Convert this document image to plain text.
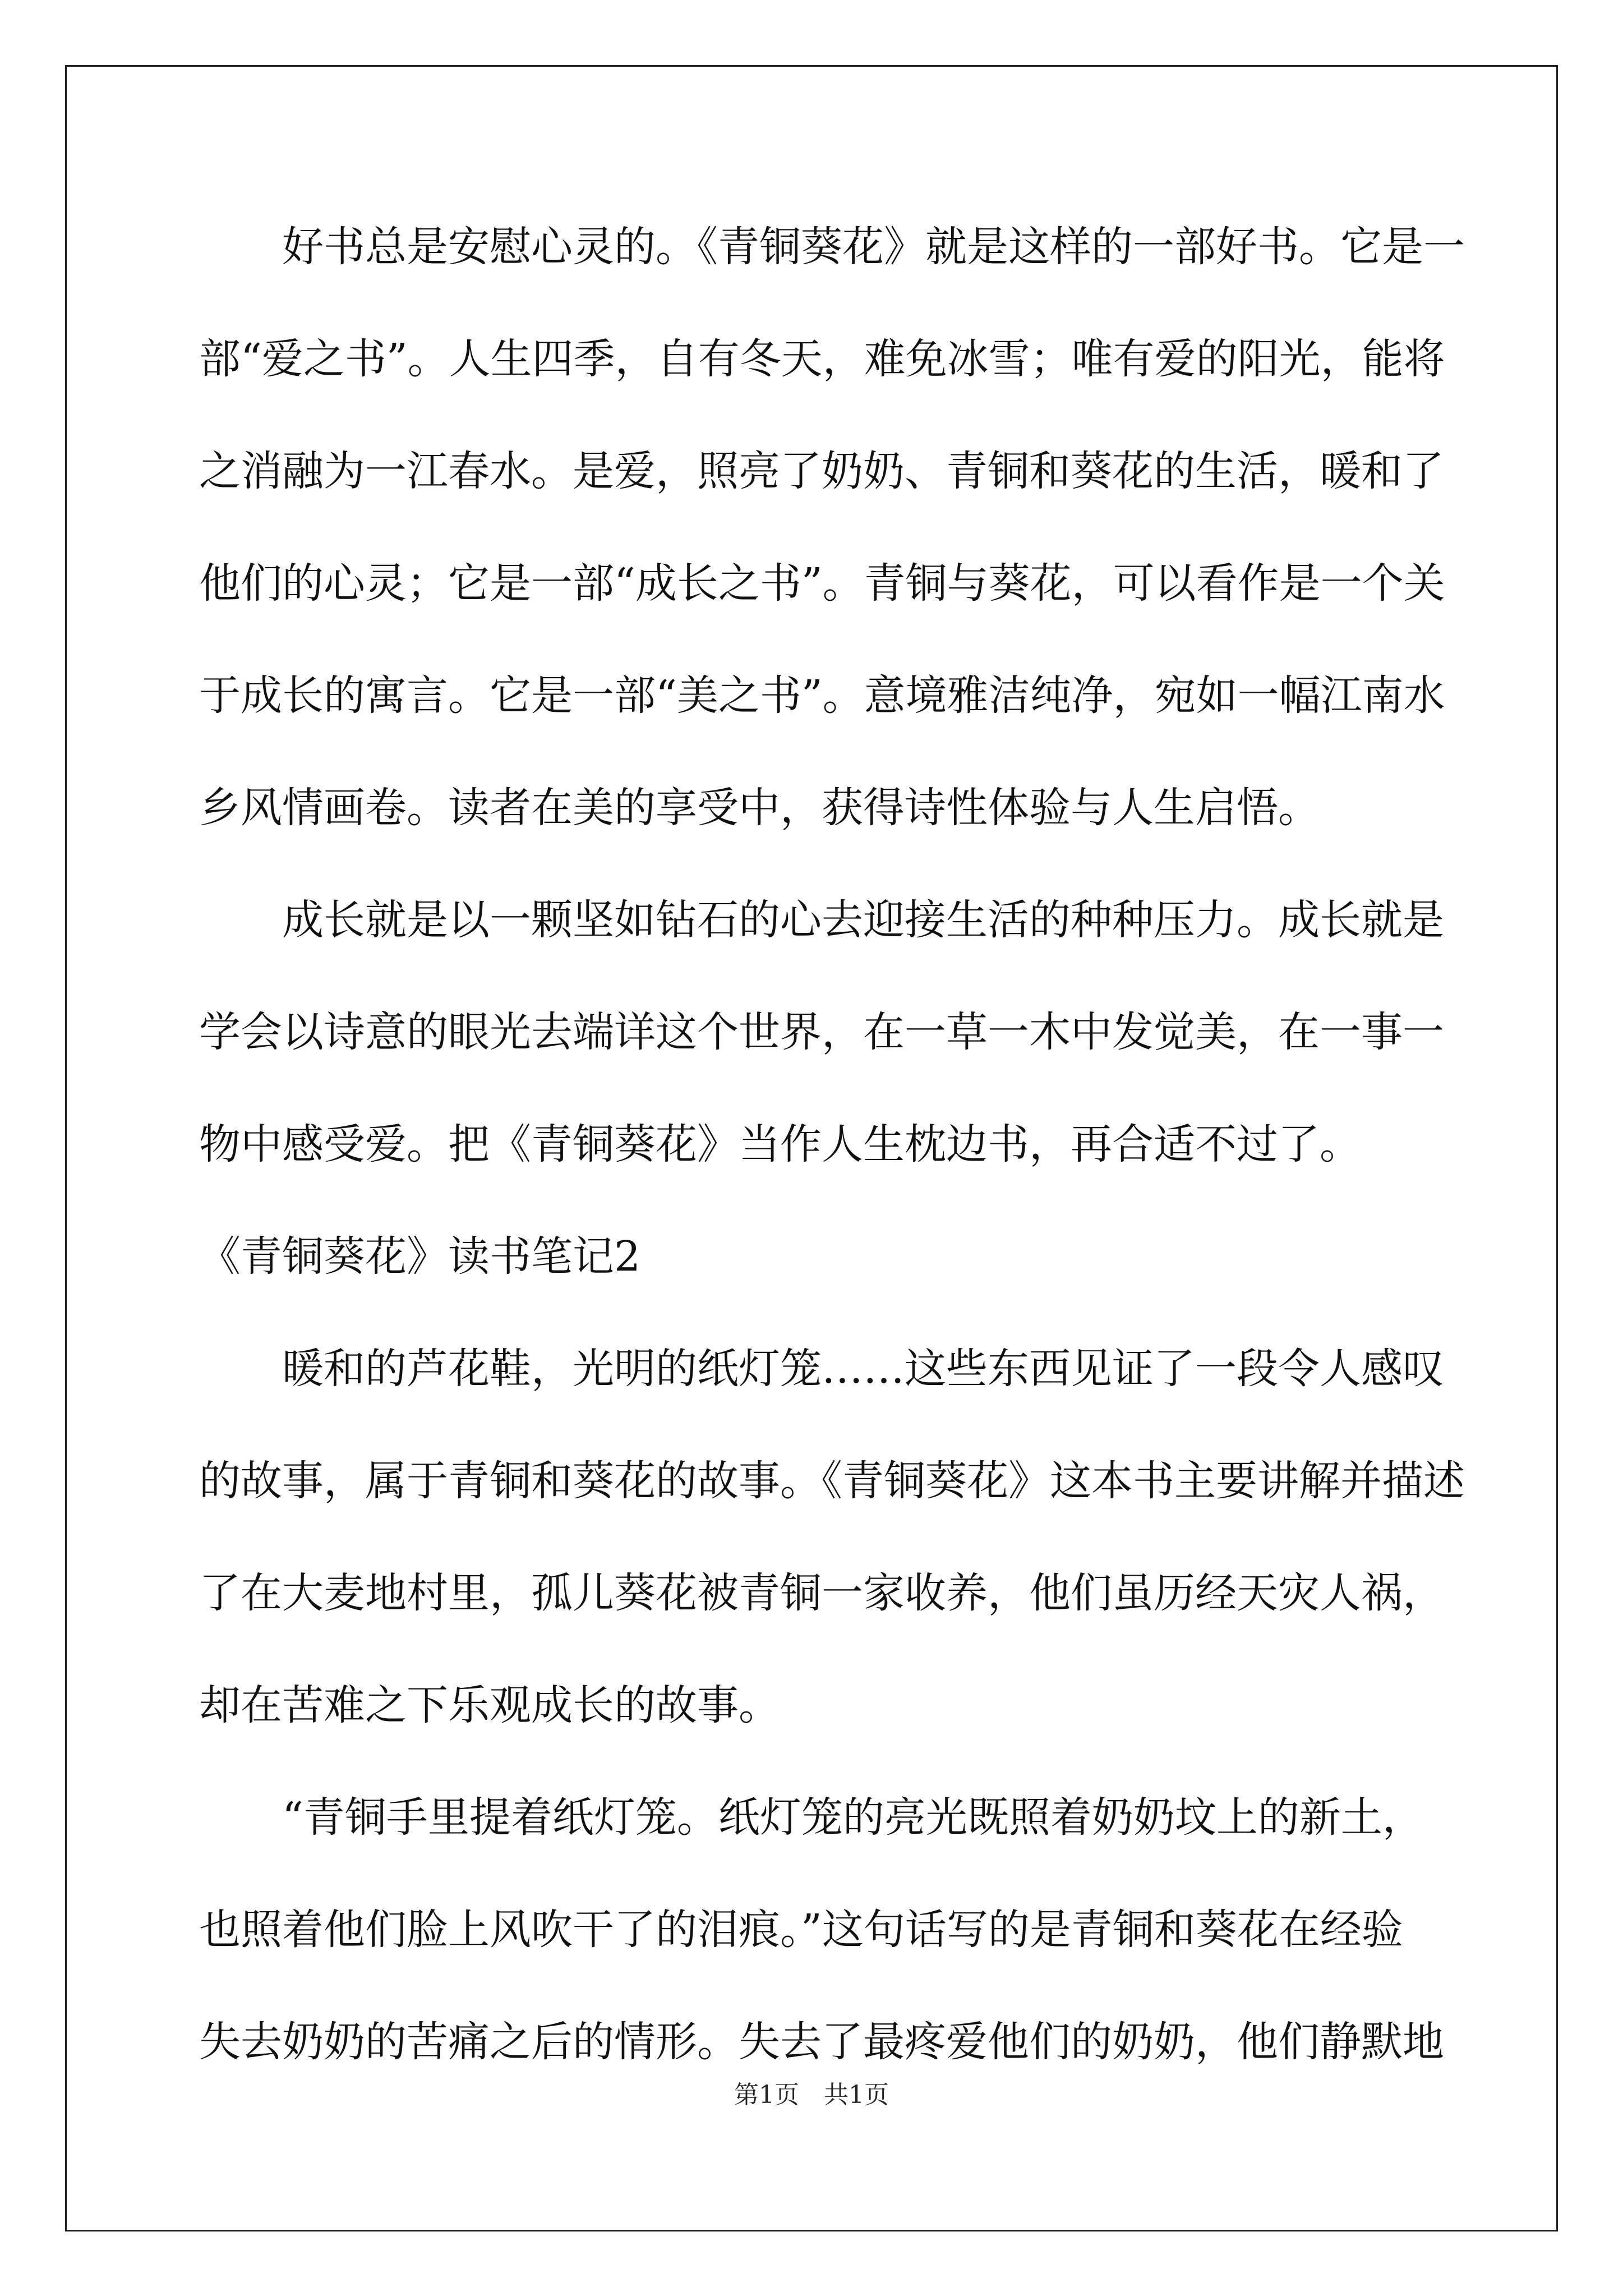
　　好书总是安慰心灵的。《青铜葵花》就是这样的一部好书。它是一
部“爱之书”。人生四季，自有冬天，难免冰雪；唯有爱的阳光，能将
之消融为一江春水。是爱，照亮了奶奶、青铜和葵花的生活，暖和了
他们的心灵；它是一部“成长之书”。青铜与葵花，可以看作是一个关
于成长的寓言。它是一部“美之书”。意境雅洁纯净，宛如一幅江南水
乡风情画卷。读者在美的享受中，获得诗性体验与人生启悟。
　　成长就是以一颗坚如钻石的心去迎接生活的种种压力。成长就是
学会以诗意的眼光去端详这个世界，在一草一木中发觉美，在一事一
物中感受爱。把《青铜葵花》当作人生枕边书，再合适不过了。
《青铜葵花》读书笔记2
　　暖和的芦花鞋，光明的纸灯笼……这些东西见证了一段令人感叹
的故事，属于青铜和葵花的故事。《青铜葵花》这本书主要讲解并描述
了在大麦地村里，孤儿葵花被青铜一家收养，他们虽历经天灾人祸，
却在苦难之下乐观成长的故事。
　　“青铜手里提着纸灯笼。纸灯笼的亮光既照着奶奶坟上的新土，
也照着他们脸上风吹干了的泪痕。”这句话写的是青铜和葵花在经验
失去奶奶的苦痛之后的情形。失去了最疼爱他们的奶奶，他们静默地
第1页　共1页
